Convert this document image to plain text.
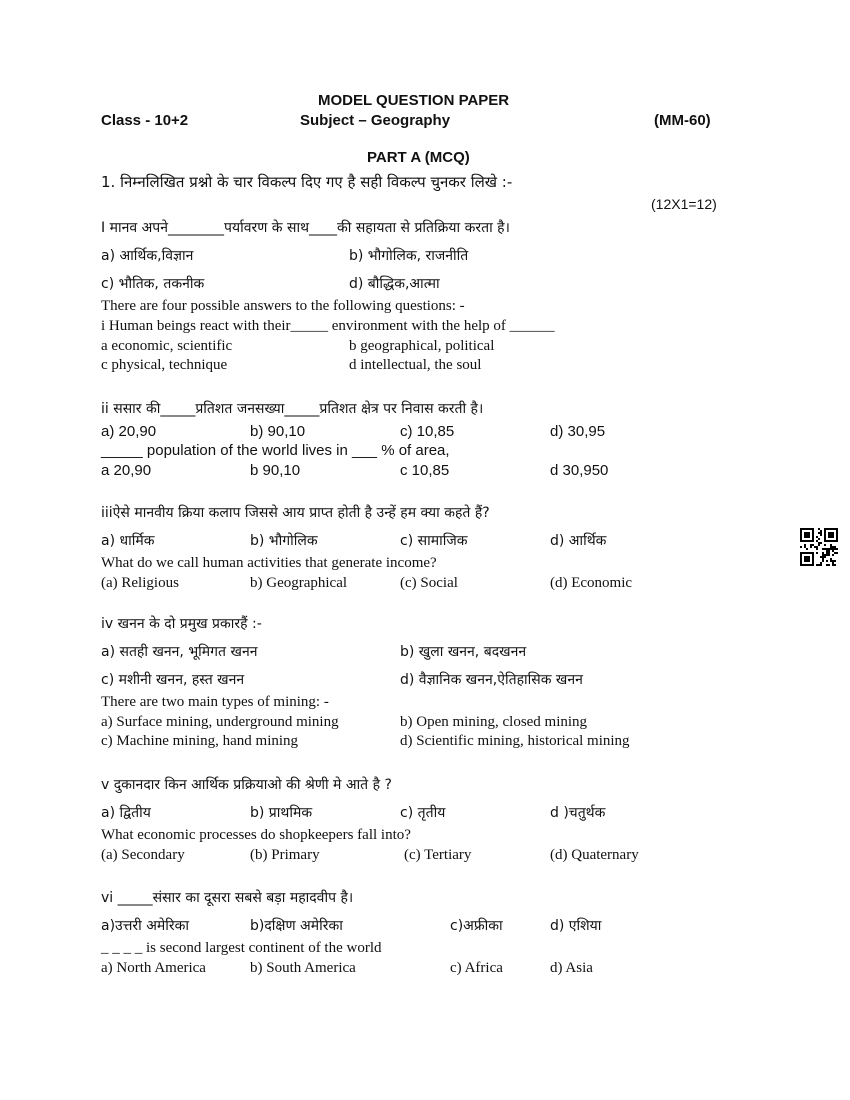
MODEL QUESTION PAPER
Class - 10+2	Subject – Geography	(MM-60)
PART A (MCQ)
1. निम्नलिखित प्रश्नो के चार विकल्प दिए गए है सही विकल्प चुनकर लिखे :-
(12X1=12)
I मानव अपने________पर्यावरण के साथ____की सहायता से प्रतिक्रिया करता है।
a) आर्थिक,विज्ञान	b) भौगोलिक, राजनीति
c) भौतिक, तकनीक	d) बौद्धिक,आत्मा
There are four possible answers to the following questions: -
i Human beings react with their_____ environment with the help of ______
a economic, scientific	b geographical, political
c physical, technique	d intellectual, the soul
ii ससार की_____प्रतिशत जनसख्या_____प्रतिशत क्षेत्र पर निवास करती है।
a) 20,90	b) 90,10	c) 10,85	d) 30,95
_____ population of the world lives in ___ % of area,
a 20,90	b 90,10	c 10,85	d 30,950
iiiऐसे मानवीय क्रिया कलाप जिससे आय प्राप्त होती है उन्हें हम क्या कहते हैं?
a) धार्मिक	b) भौगोलिक	c) सामाजिक	d) आर्थिक
What do we call human activities that generate income?
(a) Religious	b) Geographical	(c) Social	(d) Economic
iv खनन के दो प्रमुख प्रकारहैं :-
a) सतही खनन, भूमिगत खनन	b) खुला खनन, बदखनन
c) मशीनी खनन, हस्त खनन	d) वैज्ञानिक खनन,ऐतिहासिक खनन
There are two main types of mining: -
a) Surface mining, underground mining	b) Open mining, closed mining
c) Machine mining, hand mining	d) Scientific mining, historical mining
v दुकानदार किन आर्थिक प्रक्रियाओ की श्रेणी मे आते है ?
a) द्वितीय	b) प्राथमिक	c) तृतीय	d )चतुर्थक
What economic processes do shopkeepers fall into?
(a) Secondary	(b) Primary	(c) Tertiary	(d) Quaternary
vi _____संसार का दूसरा सबसे बड़ा महादवीप है।
a)उत्तरी अमेरिका	b)दक्षिण अमेरिका	c)अफ्रीका	d) एशिया
_ _ _ _ is second largest continent of the world
a) North America	b) South America	c) Africa	d) Asia
